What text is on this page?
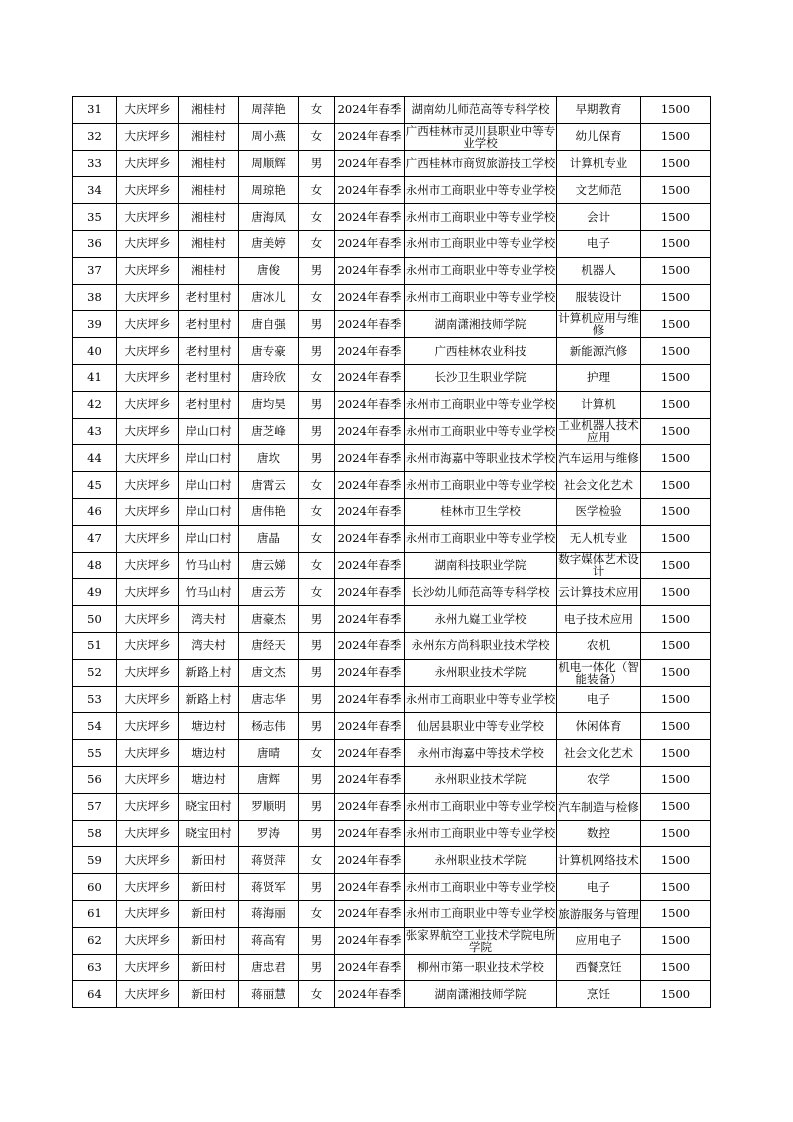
31	大庆坪乡	湘桂村	周萍艳	女	2024年春季	湖南幼儿师范高等专科学校	早期教育	1500

32	大庆坪乡	湘桂村	周小燕	女	2024年春季	广西桂林市灵川县职业中等专业学校	幼儿保育	1500

33	大庆坪乡	湘桂村	周顺辉	男	2024年春季	广西桂林市商贸旅游技工学校	计算机专业	1500

34	大庆坪乡	湘桂村	周琼艳	女	2024年春季	永州市工商职业中等专业学校	文艺师范	1500

35	大庆坪乡	湘桂村	唐海凤	女	2024年春季	永州市工商职业中等专业学校	会计	1500

36	大庆坪乡	湘桂村	唐美婷	女	2024年春季	永州市工商职业中等专业学校	电子	1500

37	大庆坪乡	湘桂村	唐俊	男	2024年春季	永州市工商职业中等专业学校	机器人	1500

38	大庆坪乡	老村里村	唐冰儿	女	2024年春季	永州市工商职业中等专业学校	服装设计	1500

39	大庆坪乡	老村里村	唐自强	男	2024年春季	湖南潇湘技师学院	计算机应用与维修	1500

40	大庆坪乡	老村里村	唐专豪	男	2024年春季	广西桂林农业科技	新能源汽修	1500

41	大庆坪乡	老村里村	唐玲欣	女	2024年春季	长沙卫生职业学院	护理	1500

42	大庆坪乡	老村里村	唐均昊	男	2024年春季	永州市工商职业中等专业学校	计算机	1500

43	大庆坪乡	岸山口村	唐芝峰	男	2024年春季	永州市工商职业中等专业学校	工业机器人技术应用	1500

44	大庆坪乡	岸山口村	唐坎	男	2024年春季	永州市海嘉中等职业技术学校	汽车运用与维修	1500

45	大庆坪乡	岸山口村	唐霄云	女	2024年春季	永州市工商职业中等专业学校	社会文化艺术	1500

46	大庆坪乡	岸山口村	唐伟艳	女	2024年春季	桂林市卫生学校	医学检验	1500

47	大庆坪乡	岸山口村	唐晶	女	2024年春季	永州市工商职业中等专业学校	无人机专业	1500

48	大庆坪乡	竹马山村	唐云娣	女	2024年春季	湖南科技职业学院	数字媒体艺术设计	1500

49	大庆坪乡	竹马山村	唐云芳	女	2024年春季	长沙幼儿师范高等专科学校	云计算技术应用	1500

50	大庆坪乡	湾夫村	唐豪杰	男	2024年春季	永州九嶷工业学校	电子技术应用	1500

51	大庆坪乡	湾夫村	唐经天	男	2024年春季	永州东方尚科职业技术学校	农机	1500

52	大庆坪乡	新路上村	唐文杰	男	2024年春季	永州职业技术学院	机电一体化（智能装备）	1500

53	大庆坪乡	新路上村	唐志华	男	2024年春季	永州市工商职业中等专业学校	电子	1500

54	大庆坪乡	塘边村	杨志伟	男	2024年春季	仙居县职业中等专业学校	休闲体育	1500

55	大庆坪乡	塘边村	唐晴	女	2024年春季	永州市海嘉中等技术学校	社会文化艺术	1500

56	大庆坪乡	塘边村	唐辉	男	2024年春季	永州职业技术学院	农学	1500

57	大庆坪乡	晓宝田村	罗顺明	男	2024年春季	永州市工商职业中等专业学校	汽车制造与检修	1500

58	大庆坪乡	晓宝田村	罗涛	男	2024年春季	永州市工商职业中等专业学校	数控	1500

59	大庆坪乡	新田村	蒋贤萍	女	2024年春季	永州职业技术学院	计算机网络技术	1500

60	大庆坪乡	新田村	蒋贤军	男	2024年春季	永州市工商职业中等专业学校	电子	1500

61	大庆坪乡	新田村	蒋海丽	女	2024年春季	永州市工商职业中等专业学校	旅游服务与管理	1500

62	大庆坪乡	新田村	蒋高宥	男	2024年春季	张家界航空工业技术学院电所学院	应用电子	1500

63	大庆坪乡	新田村	唐忠君	男	2024年春季	柳州市第一职业技术学校	西餐烹饪	1500

64	大庆坪乡	新田村	蒋丽慧	女	2024年春季	湖南潇湘技师学院	烹饪	1500
